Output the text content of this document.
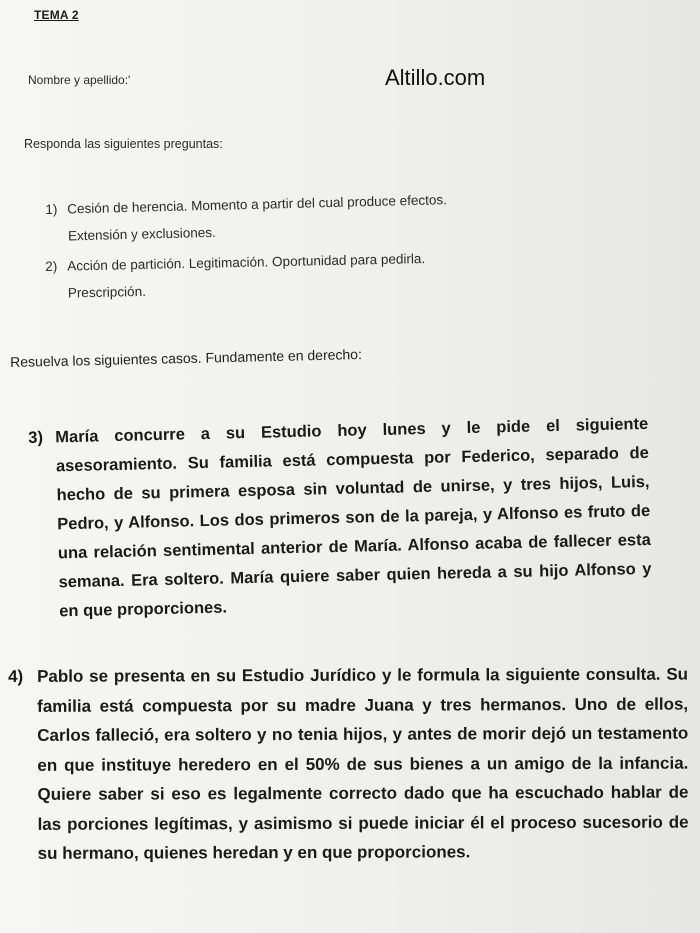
TEMA 2
Nombre y apellido:'	Altillo.com
Responda las siguientes preguntas:
1) Cesión de herencia. Momento a partir del cual produce efectos.
Extensión y exclusiones.
2) Acción de partición. Legitimación. Oportunidad para pedirla.
Prescripción.
Resuelva los siguientes casos. Fundamente en derecho:
3) María concurre a su Estudio hoy lunes y le pide el siguiente asesoramiento. Su familia está compuesta por Federico, separado de hecho de su primera esposa sin voluntad de unirse, y tres hijos, Luis, Pedro, y Alfonso. Los dos primeros son de la pareja, y Alfonso es fruto de una relación sentimental anterior de María. Alfonso acaba de fallecer esta semana. Era soltero. María quiere saber quien hereda a su hijo Alfonso y en que proporciones.
4) Pablo se presenta en su Estudio Jurídico y le formula la siguiente consulta. Su familia está compuesta por su madre Juana y tres hermanos. Uno de ellos, Carlos falleció, era soltero y no tenia hijos, y antes de morir dejó un testamento en que instituye heredero en el 50% de sus bienes a un amigo de la infancia. Quiere saber si eso es legalmente correcto dado que ha escuchado hablar de las porciones legítimas, y asimismo si puede iniciar él el proceso sucesorio de su hermano, quienes heredan y en que proporciones.
